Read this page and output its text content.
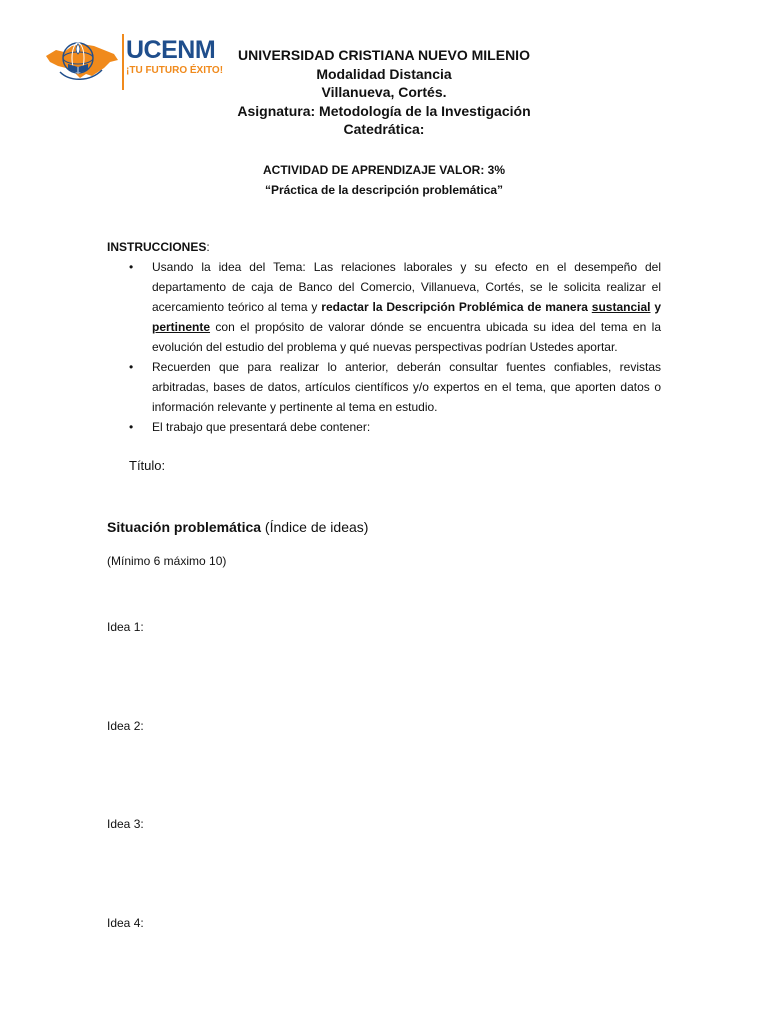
UCENM
¡TU FUTURO ÉXITO!
UNIVERSIDAD CRISTIANA NUEVO MILENIO
Modalidad Distancia
Villanueva, Cortés.
Asignatura: Metodología de la Investigación
Catedrática:
ACTIVIDAD DE APRENDIZAJE VALOR: 3%
“Práctica de la descripción problemática”
INSTRUCCIONES:
• Usando la idea del Tema: Las relaciones laborales y su efecto en el desempeño del departamento de caja de Banco del Comercio, Villanueva, Cortés, se le solicita realizar el acercamiento teórico al tema y redactar la Descripción Problémica de manera sustancial y pertinente con el propósito de valorar dónde se encuentra ubicada su idea del tema en la evolución del estudio del problema y qué nuevas perspectivas podrían Ustedes aportar.
• Recuerden que para realizar lo anterior, deberán consultar fuentes confiables, revistas arbitradas, bases de datos, artículos científicos y/o expertos en el tema, que aporten datos o información relevante y pertinente al tema en estudio.
• El trabajo que presentará debe contener:
Título:
Situación problemática (Índice de ideas)
(Mínimo 6 máximo 10)
Idea 1:
Idea 2:
Idea 3:
Idea 4:
